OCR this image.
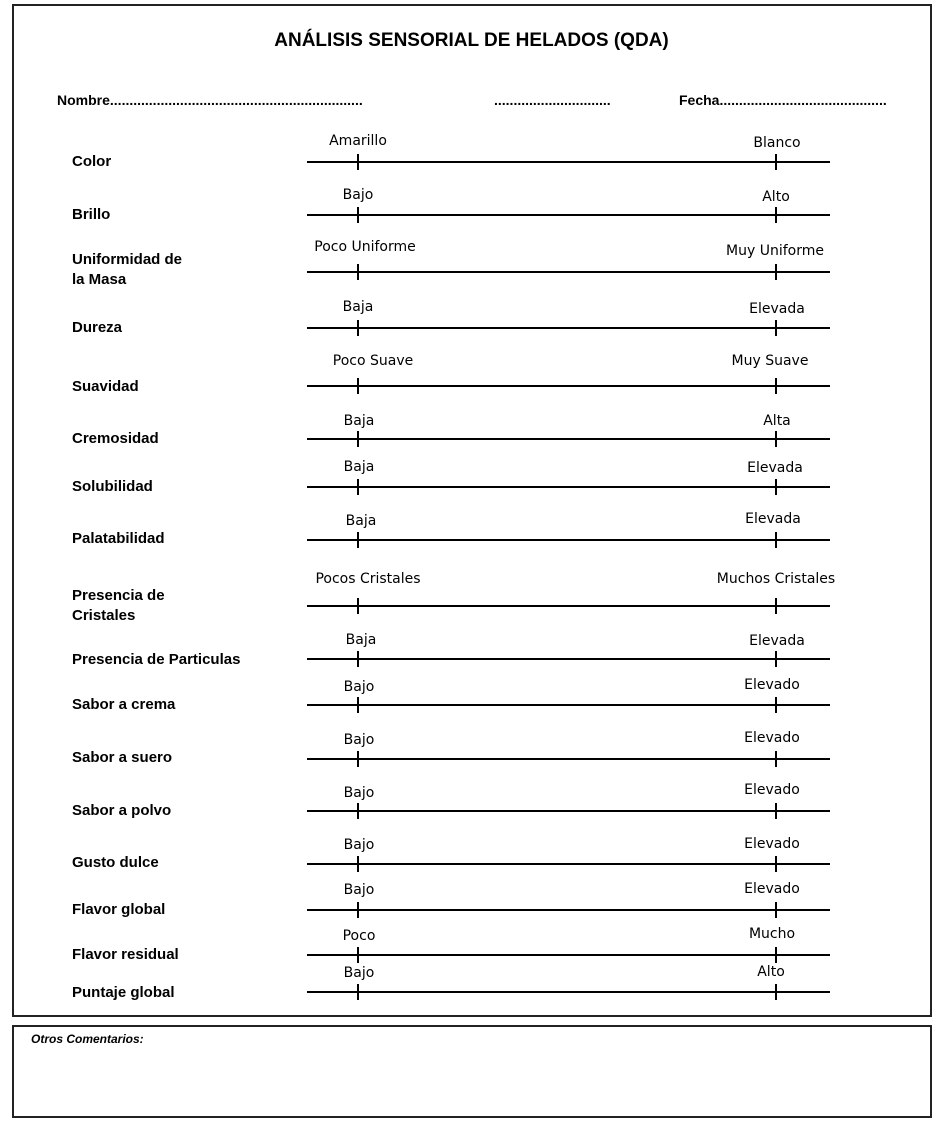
ANÁLISIS SENSORIAL DE HELADOS (QDA)
Nombre.................................................................	..............................	Fecha...........................................
Color
Amarillo	Blanco
Brillo
Bajo	Alto
Uniformidad de
la Masa
Poco Uniforme	Muy Uniforme
Dureza
Baja	Elevada
Suavidad
Poco Suave	Muy Suave
Cremosidad
Baja	Alta
Solubilidad
Baja	Elevada
Palatabilidad
Baja	Elevada
Presencia de
Cristales
Pocos Cristales	Muchos Cristales
Presencia de Particulas
Baja	Elevada
Sabor a crema
Bajo	Elevado
Sabor a suero
Bajo	Elevado
Sabor a polvo
Bajo	Elevado
Gusto dulce
Bajo	Elevado
Flavor global
Bajo	Elevado
Flavor residual
Poco	Mucho
Puntaje global
Bajo	Alto
Otros Comentarios:
